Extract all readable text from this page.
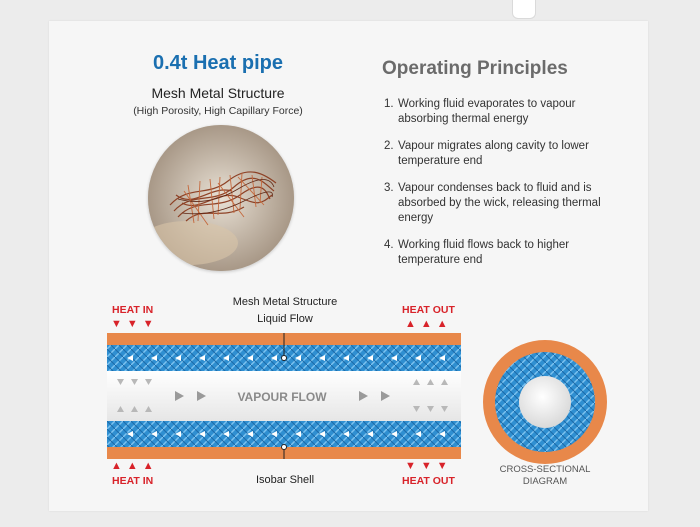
0.4t Heat pipe
Mesh Metal Structure
(High Porosity, High Capillary Force)
Operating Principles
1. Working fluid evaporates to vapour absorbing thermal energy
2. Vapour migrates along cavity to lower temperature end
3. Vapour condenses back to fluid and is absorbed by the wick, releasing thermal energy
4. Working fluid flows back to higher temperature end
HEAT IN
▼ ▼ ▼
HEAT OUT
▲ ▲ ▲
▲ ▲ ▲
HEAT IN
▼ ▼ ▼
HEAT OUT
Mesh Metal Structure
Liquid Flow
Isobar Shell
VAPOUR FLOW
CROSS-SECTIONAL
DIAGRAM
